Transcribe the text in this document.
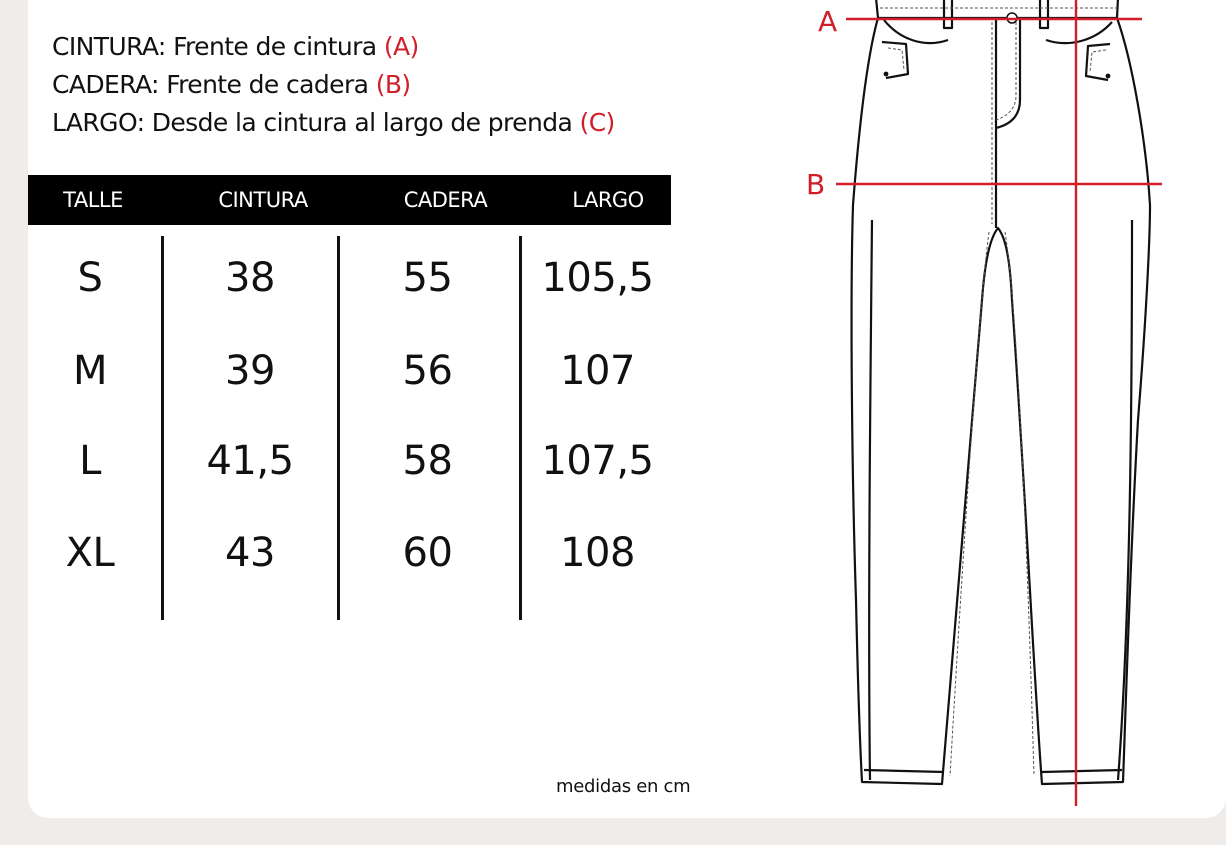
CINTURA: Frente de cintura (A)
CADERA: Frente de cadera (B)
LARGO: Desde la cintura al largo de prenda (C)
TALLE	CINTURA	CADERA	LARGO
S	38	55	105,5
M	39	56	107
L	41,5	58	107,5
XL	43	60	108
medidas en cm
A
B
